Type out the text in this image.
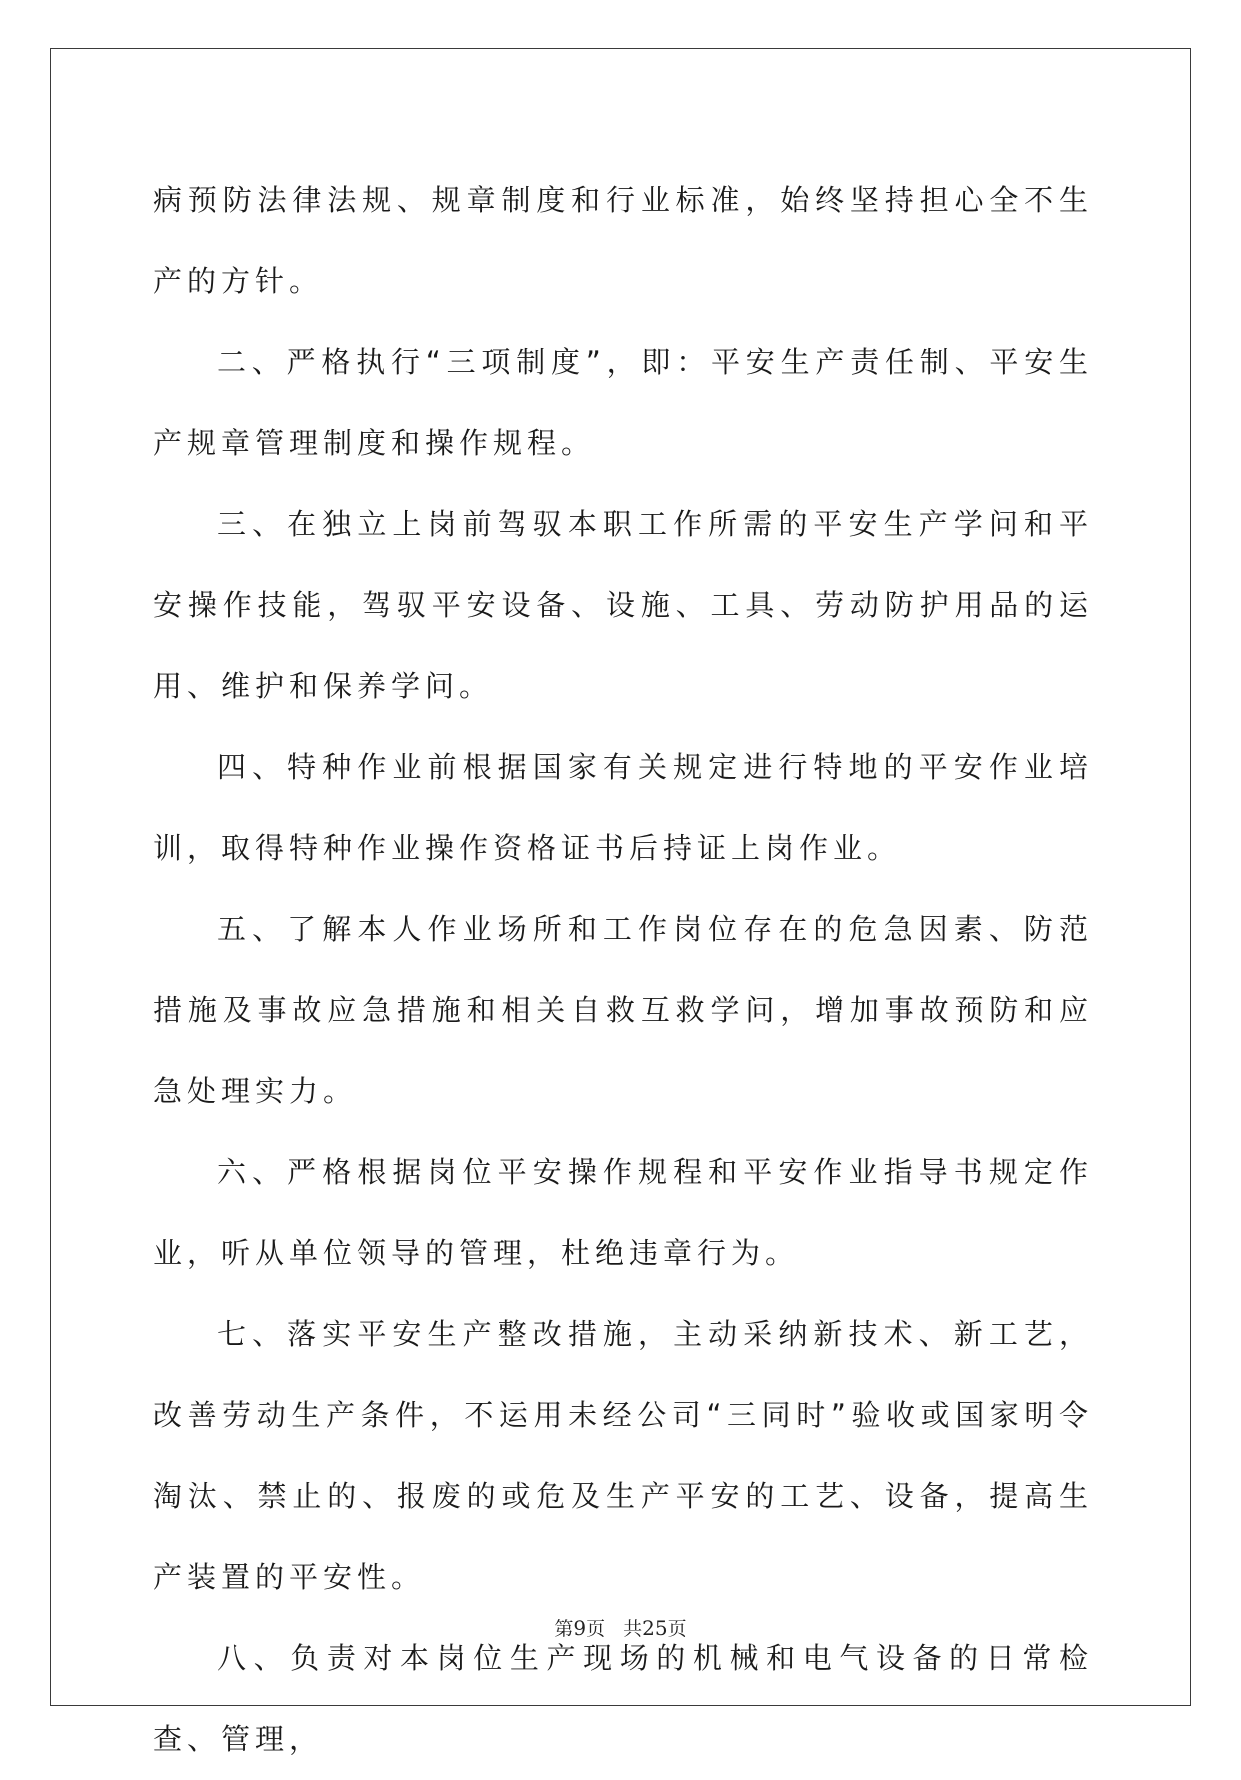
病预防法律法规、规章制度和行业标准，始终坚持担心全不生产的方针。

二、严格执行“三项制度”，即：平安生产责任制、平安生产规章管理制度和操作规程。

三、在独立上岗前驾驭本职工作所需的平安生产学问和平安操作技能，驾驭平安设备、设施、工具、劳动防护用品的运用、维护和保养学问。

四、特种作业前根据国家有关规定进行特地的平安作业培训，取得特种作业操作资格证书后持证上岗作业。

五、了解本人作业场所和工作岗位存在的危急因素、防范措施及事故应急措施和相关自救互救学问，增加事故预防和应急处理实力。

六、严格根据岗位平安操作规程和平安作业指导书规定作业，听从单位领导的管理，杜绝违章行为。

七、落实平安生产整改措施，主动采纳新技术、新工艺，改善劳动生产条件，不运用未经公司“三同时”验收或国家明令淘汰、禁止的、报废的或危及生产平安的工艺、设备，提高生产装置的平安性。

八、负责对本岗位生产现场的机械和电气设备的日常检查、管理，

第9页 共25页
